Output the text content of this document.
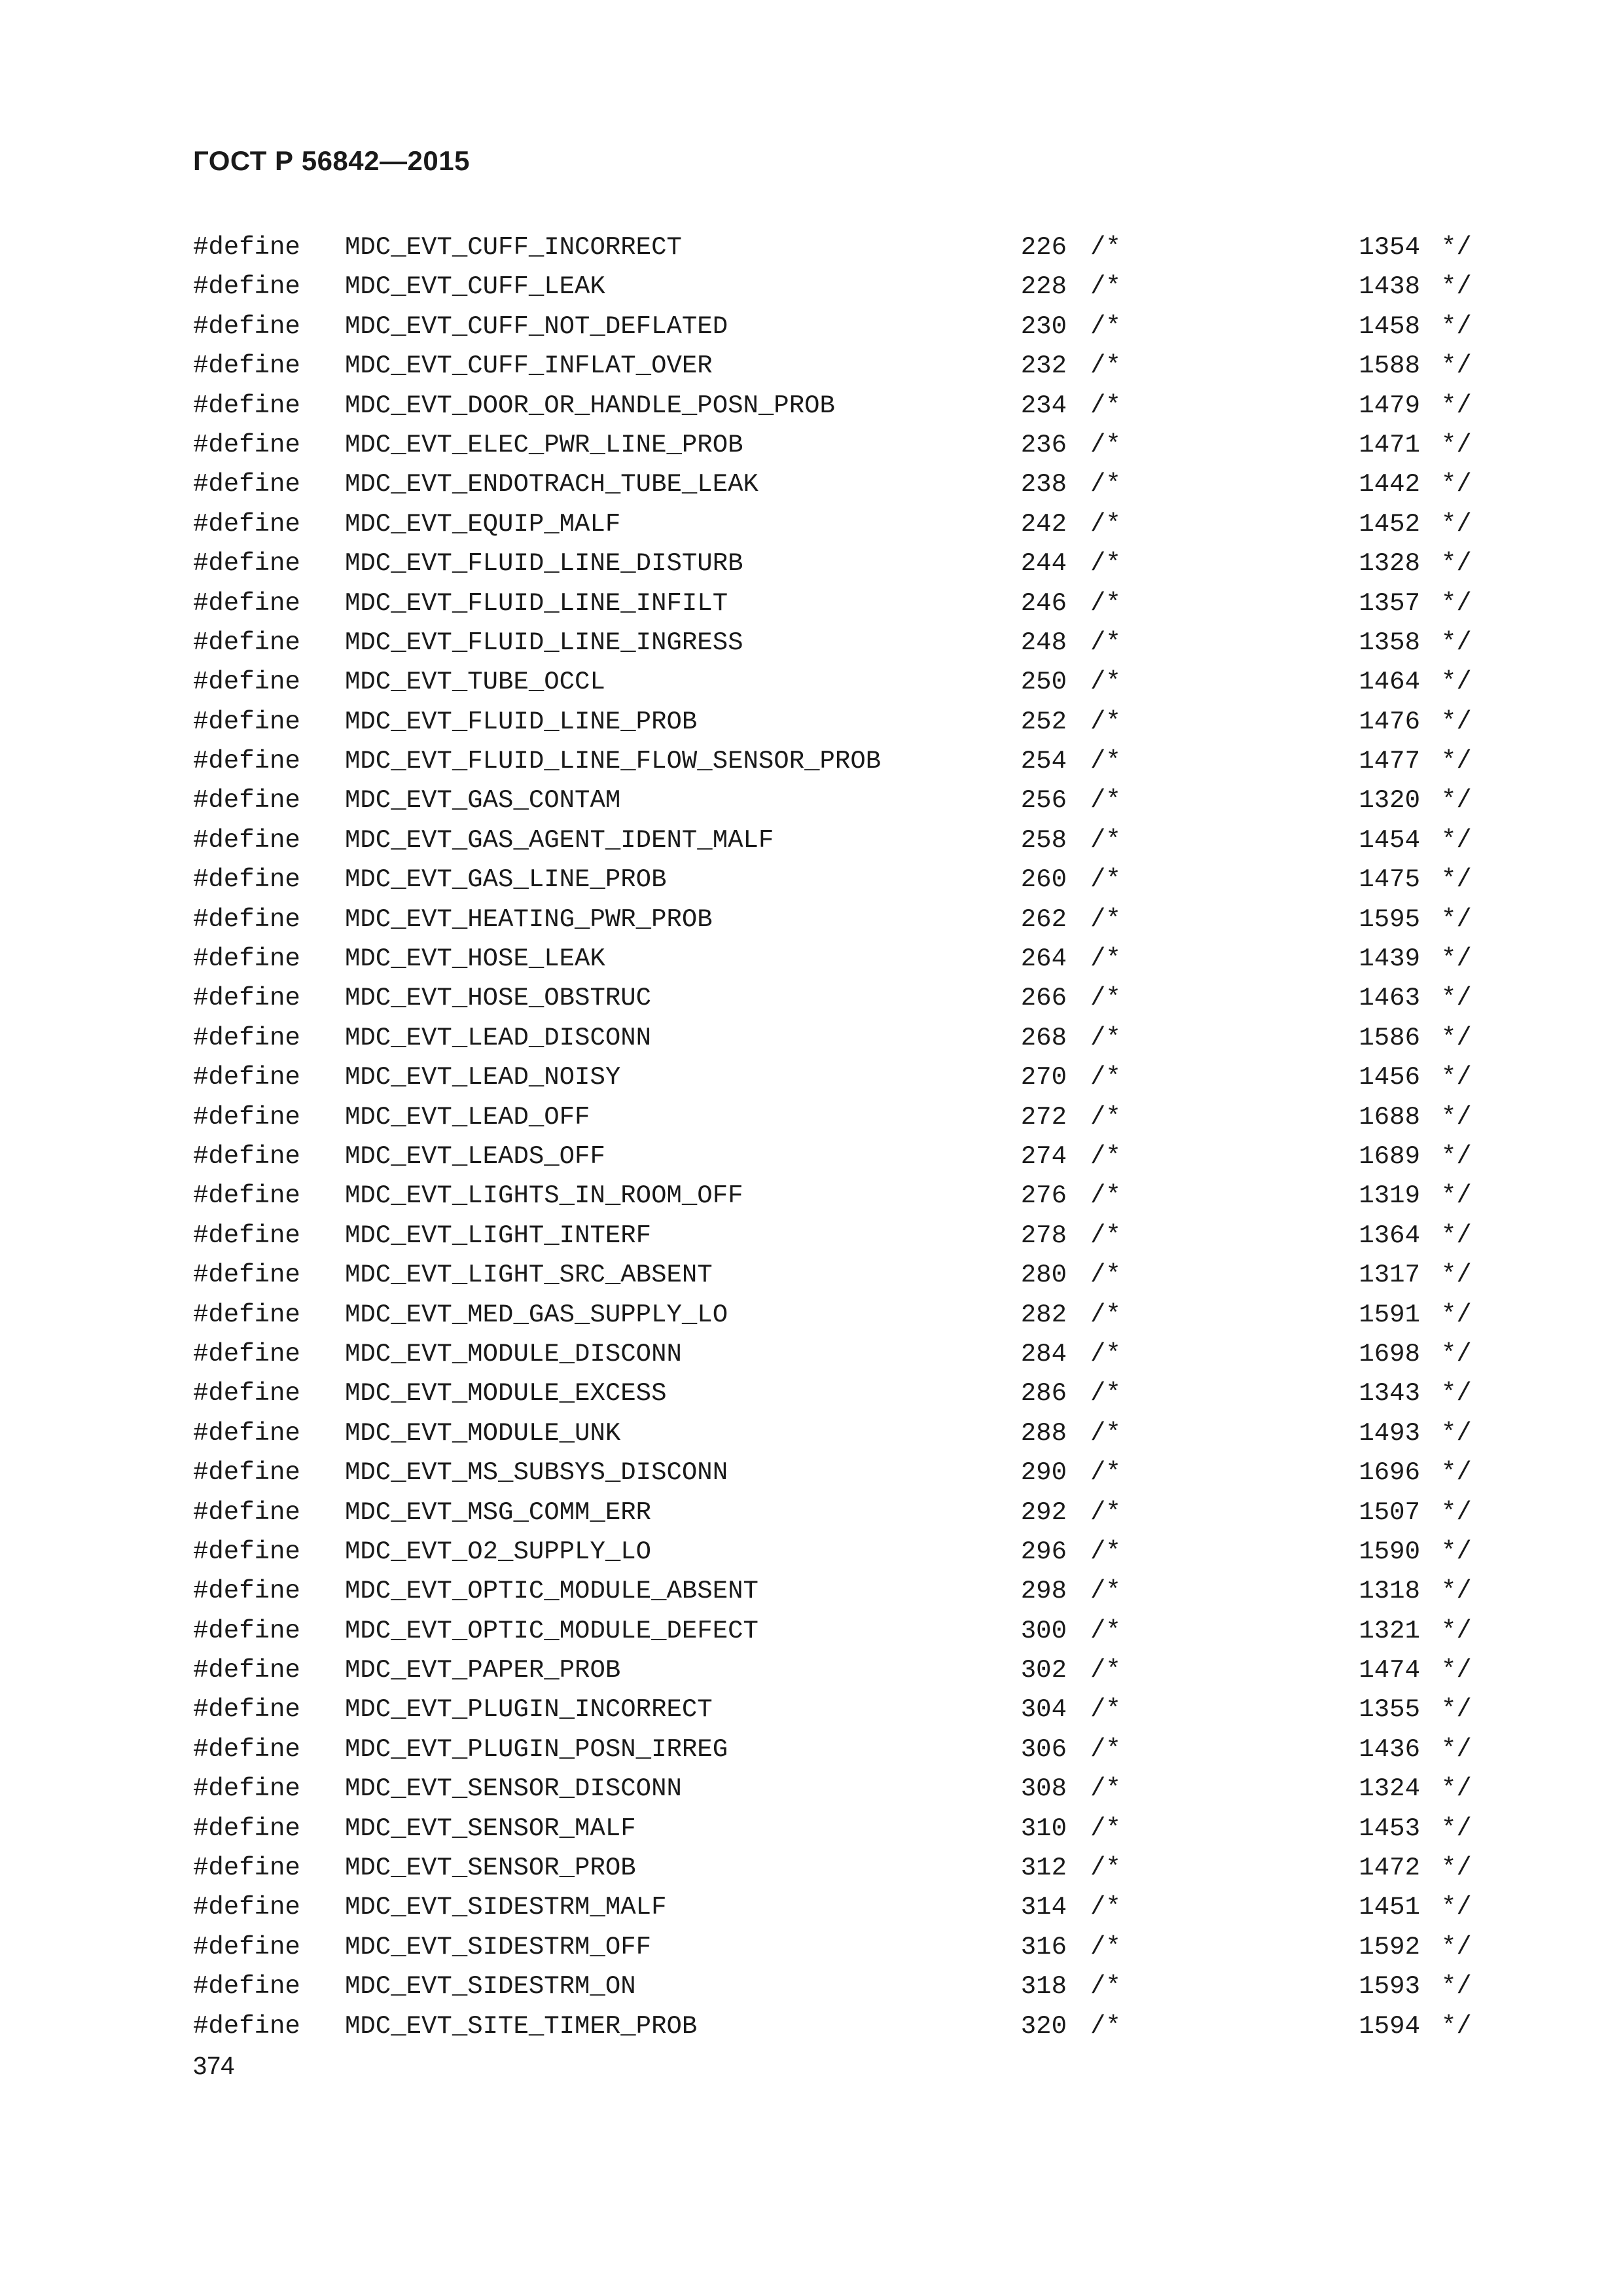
ГОСТ Р 56842—2015
#define MDC_EVT_CUFF_INCORRECT	226 /*	1354 */
#define MDC_EVT_CUFF_LEAK	228 /*	1438 */
#define MDC_EVT_CUFF_NOT_DEFLATED	230 /*	1458 */
#define MDC_EVT_CUFF_INFLAT_OVER	232 /*	1588 */
#define MDC_EVT_DOOR_OR_HANDLE_POSN_PROB	234 /*	1479 */
#define MDC_EVT_ELEC_PWR_LINE_PROB	236 /*	1471 */
#define MDC_EVT_ENDOTRACH_TUBE_LEAK	238 /*	1442 */
#define MDC_EVT_EQUIP_MALF	242 /*	1452 */
#define MDC_EVT_FLUID_LINE_DISTURB	244 /*	1328 */
#define MDC_EVT_FLUID_LINE_INFILT	246 /*	1357 */
#define MDC_EVT_FLUID_LINE_INGRESS	248 /*	1358 */
#define MDC_EVT_TUBE_OCCL	250 /*	1464 */
#define MDC_EVT_FLUID_LINE_PROB	252 /*	1476 */
#define MDC_EVT_FLUID_LINE_FLOW_SENSOR_PROB	254 /*	1477 */
#define MDC_EVT_GAS_CONTAM	256 /*	1320 */
#define MDC_EVT_GAS_AGENT_IDENT_MALF	258 /*	1454 */
#define MDC_EVT_GAS_LINE_PROB	260 /*	1475 */
#define MDC_EVT_HEATING_PWR_PROB	262 /*	1595 */
#define MDC_EVT_HOSE_LEAK	264 /*	1439 */
#define MDC_EVT_HOSE_OBSTRUC	266 /*	1463 */
#define MDC_EVT_LEAD_DISCONN	268 /*	1586 */
#define MDC_EVT_LEAD_NOISY	270 /*	1456 */
#define MDC_EVT_LEAD_OFF	272 /*	1688 */
#define MDC_EVT_LEADS_OFF	274 /*	1689 */
#define MDC_EVT_LIGHTS_IN_ROOM_OFF	276 /*	1319 */
#define MDC_EVT_LIGHT_INTERF	278 /*	1364 */
#define MDC_EVT_LIGHT_SRC_ABSENT	280 /*	1317 */
#define MDC_EVT_MED_GAS_SUPPLY_LO	282 /*	1591 */
#define MDC_EVT_MODULE_DISCONN	284 /*	1698 */
#define MDC_EVT_MODULE_EXCESS	286 /*	1343 */
#define MDC_EVT_MODULE_UNK	288 /*	1493 */
#define MDC_EVT_MS_SUBSYS_DISCONN	290 /*	1696 */
#define MDC_EVT_MSG_COMM_ERR	292 /*	1507 */
#define MDC_EVT_O2_SUPPLY_LO	296 /*	1590 */
#define MDC_EVT_OPTIC_MODULE_ABSENT	298 /*	1318 */
#define MDC_EVT_OPTIC_MODULE_DEFECT	300 /*	1321 */
#define MDC_EVT_PAPER_PROB	302 /*	1474 */
#define MDC_EVT_PLUGIN_INCORRECT	304 /*	1355 */
#define MDC_EVT_PLUGIN_POSN_IRREG	306 /*	1436 */
#define MDC_EVT_SENSOR_DISCONN	308 /*	1324 */
#define MDC_EVT_SENSOR_MALF	310 /*	1453 */
#define MDC_EVT_SENSOR_PROB	312 /*	1472 */
#define MDC_EVT_SIDESTRM_MALF	314 /*	1451 */
#define MDC_EVT_SIDESTRM_OFF	316 /*	1592 */
#define MDC_EVT_SIDESTRM_ON	318 /*	1593 */
#define MDC_EVT_SITE_TIMER_PROB	320 /*	1594 */
374
